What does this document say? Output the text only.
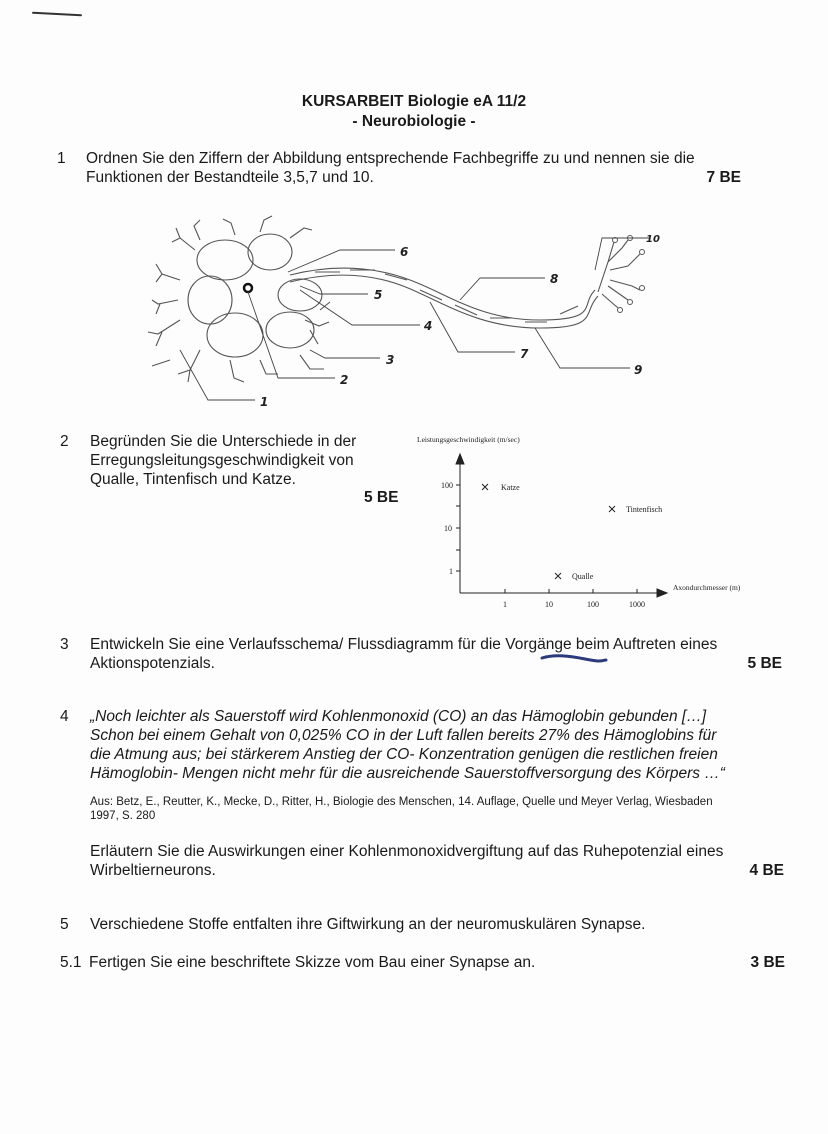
KURSARBEIT Biologie eA 11/2
- Neurobiologie -
1 Ordnen Sie den Ziffern der Abbildung entsprechende Fachbegriffe zu und nennen sie die
Funktionen der Bestandteile 3,5,7 und 10.	7 BE
1
2
3
4
5
6
7
8
9
10
2 Begründen Sie die Unterschiede in der
Erregungsleitungsgeschwindigkeit von
Qualle, Tintenfisch und Katze.
5 BE
Leistungsgeschwindigkeit (m/sec)
100
10
1
1	10	100	1000
Katze
Tintenfisch
Qualle
Axondurchmesser (m)
3 Entwickeln Sie eine Verlaufsschema/ Flussdiagramm für die Vorgänge beim Auftreten eines
Aktionspotenzials.	5 BE
4 „Noch leichter als Sauerstoff wird Kohlenmonoxid (CO) an das Hämoglobin gebunden […]
Schon bei einem Gehalt von 0,025% CO in der Luft fallen bereits 27% des Hämoglobins für
die Atmung aus; bei stärkerem Anstieg der CO- Konzentration genügen die restlichen freien
Hämoglobin- Mengen nicht mehr für die ausreichende Sauerstoffversorgung des Körpers …“
Aus: Betz, E., Reutter, K., Mecke, D., Ritter, H., Biologie des Menschen, 14. Auflage, Quelle und Meyer Verlag, Wiesbaden
1997, S. 280
Erläutern Sie die Auswirkungen einer Kohlenmonoxidvergiftung auf das Ruhepotenzial eines
Wirbeltierneurons.	4 BE
5 Verschiedene Stoffe entfalten ihre Giftwirkung an der neuromuskulären Synapse.
5.1 Fertigen Sie eine beschriftete Skizze vom Bau einer Synapse an.	3 BE
